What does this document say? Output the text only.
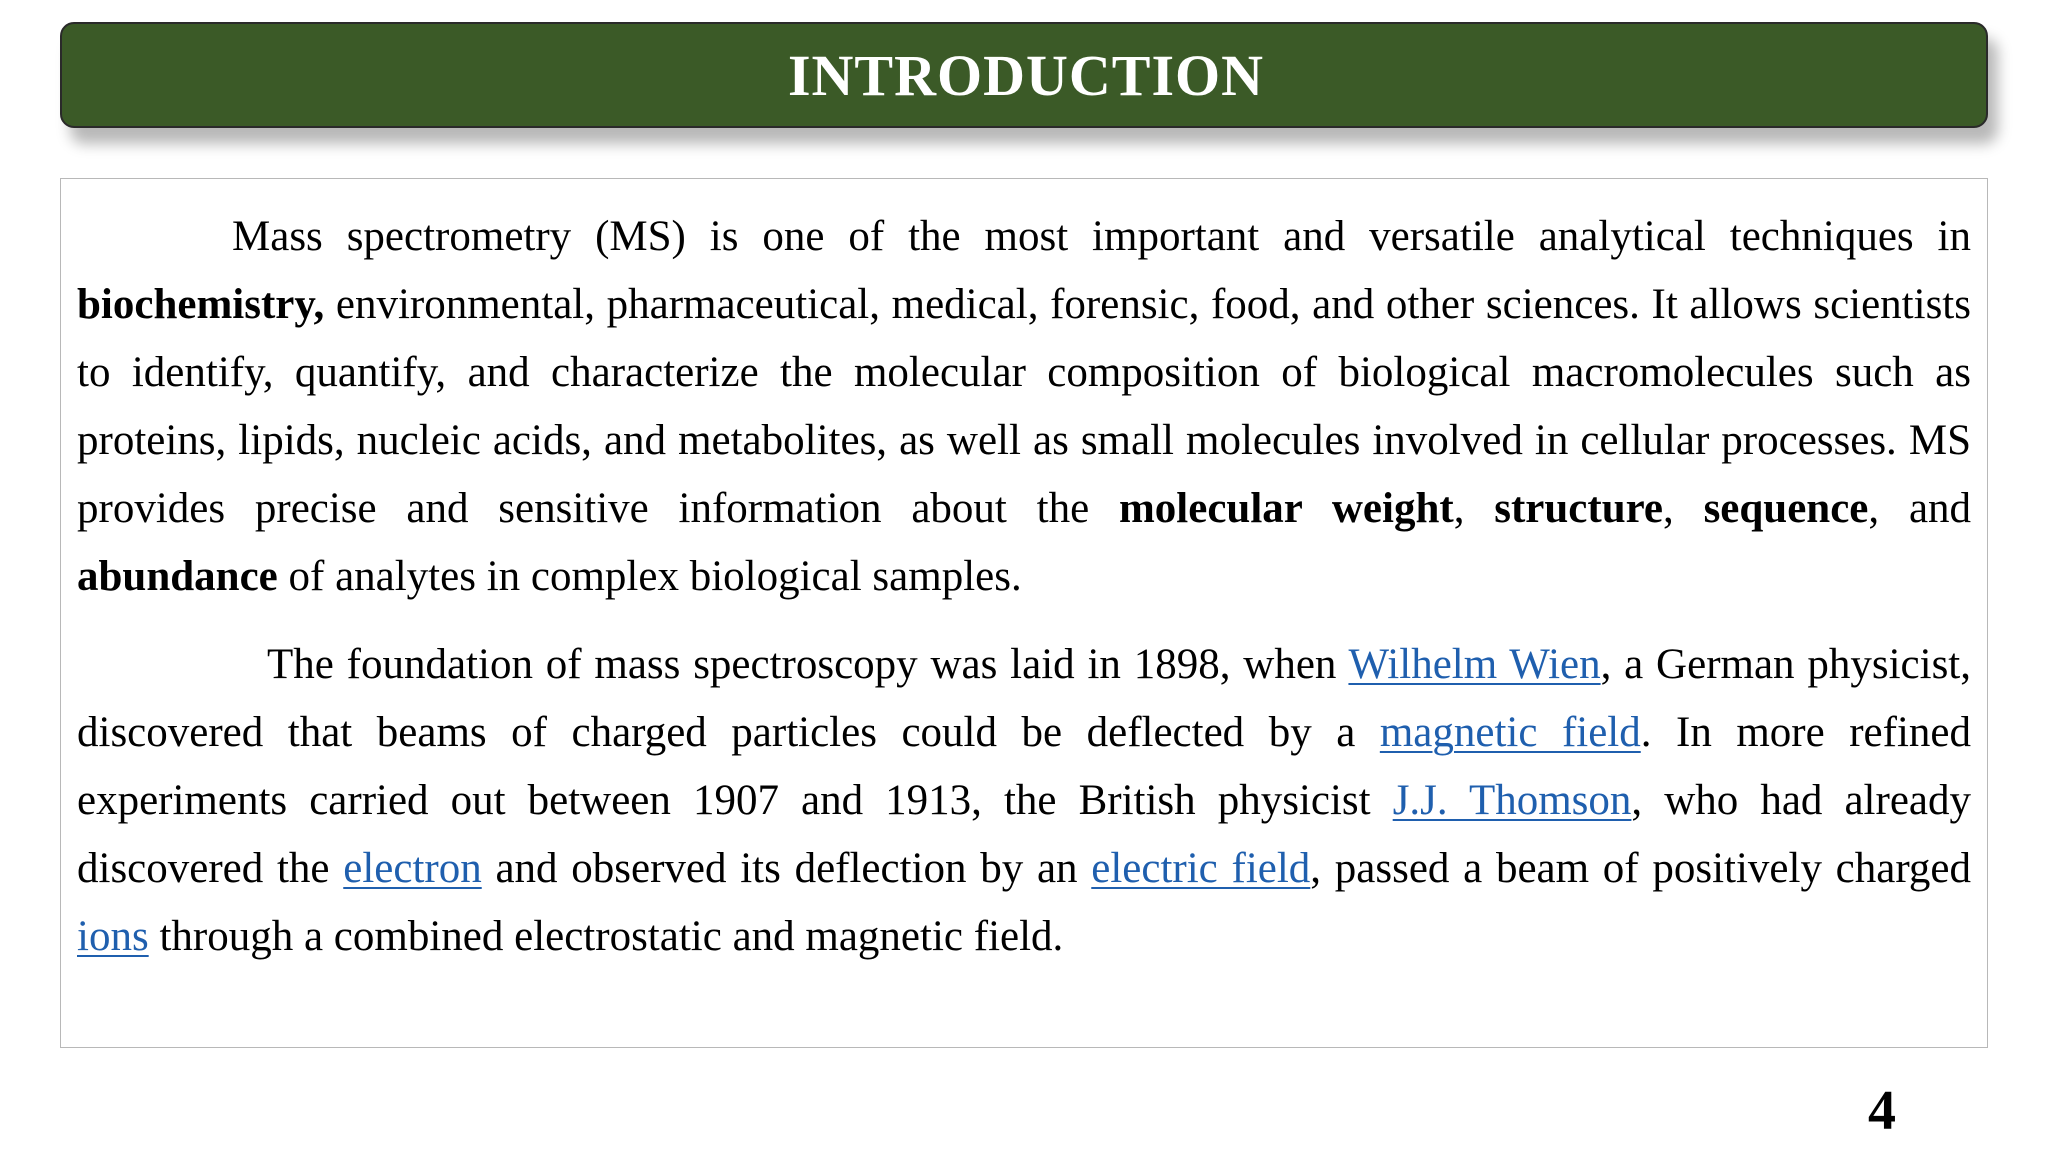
INTRODUCTION

Mass spectrometry (MS) is one of the most important and versatile analytical techniques in biochemistry, environmental, pharmaceutical, medical, forensic, food, and other sciences. It allows scientists to identify, quantify, and characterize the molecular composition of biological macromolecules such as proteins, lipids, nucleic acids, and metabolites, as well as small molecules involved in cellular processes. MS provides precise and sensitive information about the molecular weight, structure, sequence, and abundance of analytes in complex biological samples.

The foundation of mass spectroscopy was laid in 1898, when Wilhelm Wien, a German physicist, discovered that beams of charged particles could be deflected by a magnetic field. In more refined experiments carried out between 1907 and 1913, the British physicist J.J. Thomson, who had already discovered the electron and observed its deflection by an electric field, passed a beam of positively charged ions through a combined electrostatic and magnetic field.

4
